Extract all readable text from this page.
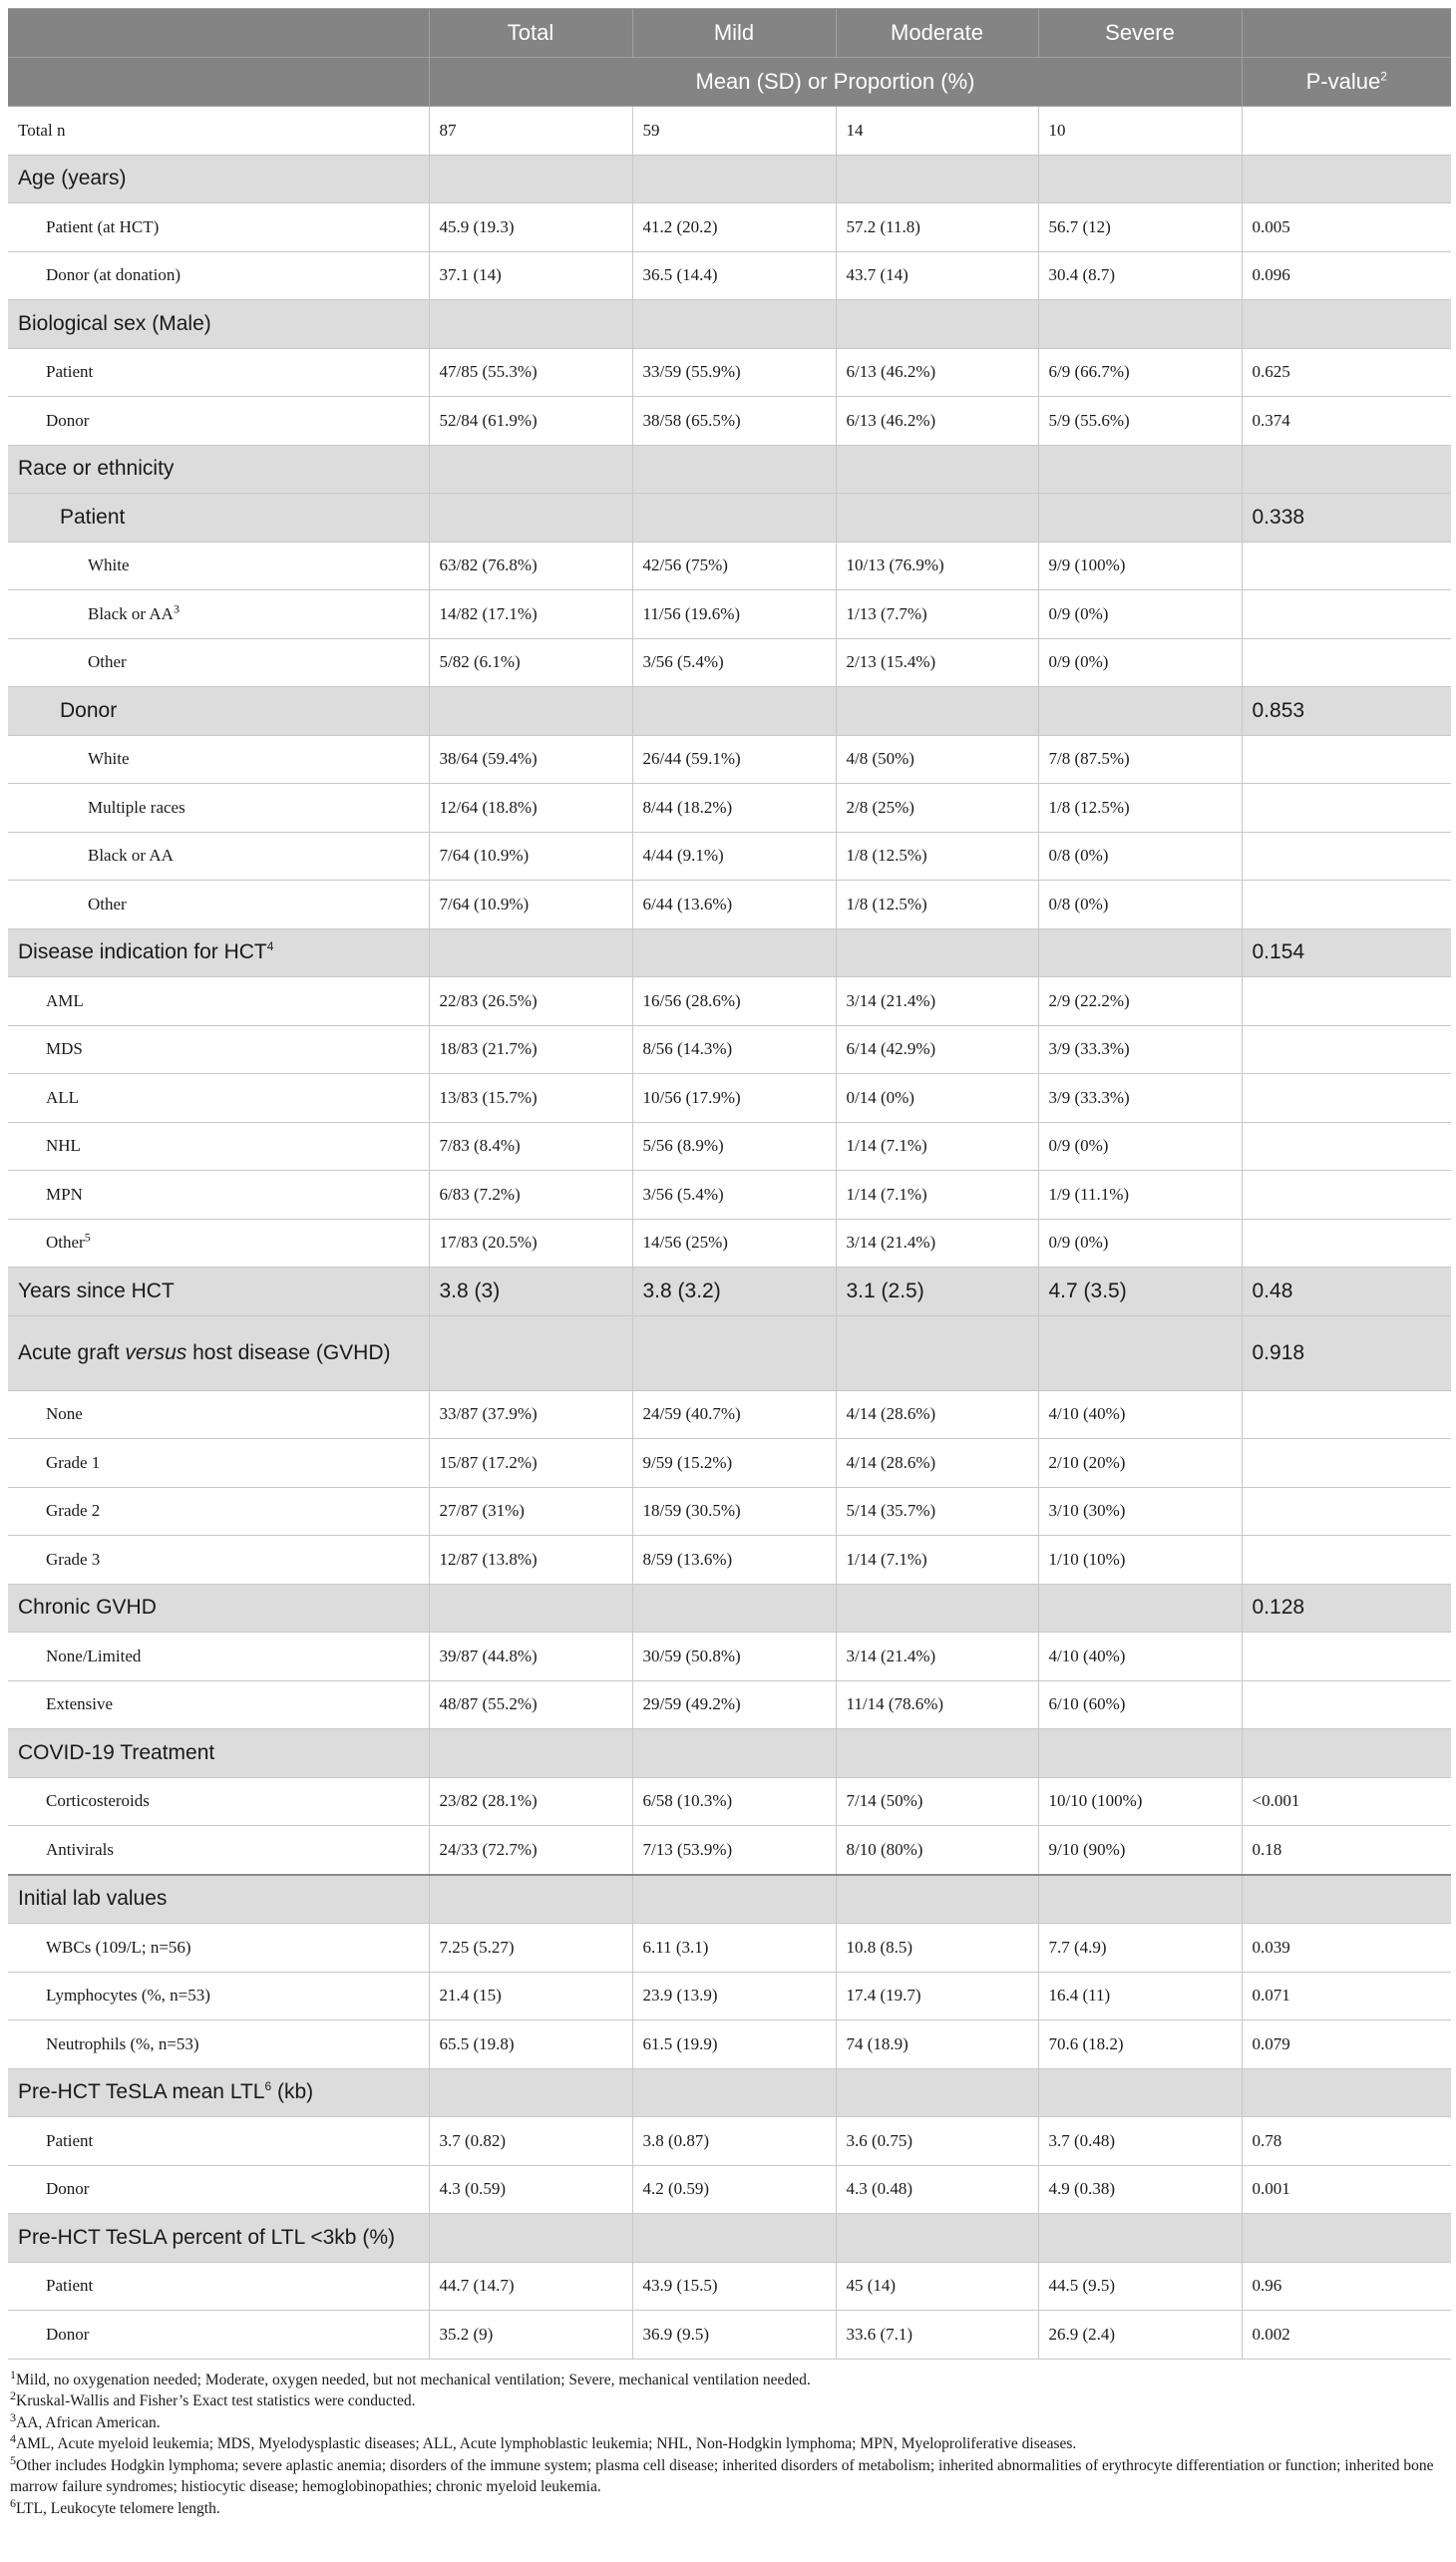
	Total	Mild	Moderate	Severe	
	Mean (SD) or Proportion (%)				P-value$^2$
Total n	87	59	14	10	
Age (years)					
Patient (at HCT)	45.9 (19.3)	41.2 (20.2)	57.2 (11.8)	56.7 (12)	0.005
Donor (at donation)	37.1 (14)	36.5 (14.4)	43.7 (14)	30.4 (8.7)	0.096
Biological sex (Male)					
Patient	47/85 (55.3%)	33/59 (55.9%)	6/13 (46.2%)	6/9 (66.7%)	0.625
Donor	52/84 (61.9%)	38/58 (65.5%)	6/13 (46.2%)	5/9 (55.6%)	0.374
Race or ethnicity					
Patient					0.338
White	63/82 (76.8%)	42/56 (75%)	10/13 (76.9%)	9/9 (100%)	
Black or $AA^3$	14/82 (17.1%)	11/56 (19.6%)	1/13 (7.7%)	0/9 (0%)	
Other	5/82 (6.1%)	3/56 (5.4%)	2/13 (15.4%)	0/9 (0%)	
Donor					0.853
White	38/64 (59.4%)	26/44 (59.1%)	4/8 (50%)	7/8 (87.5%)	
Multiple races	12/64 (18.8%)	8/44 (18.2%)	2/8 (25%)	1/8 (12.5%)	
Black or AA	7/64 (10.9%)	4/44 (9.1%)	1/8 (12.5%)	0/8 (0%)	
Other	7/64 (10.9%)	6/44 (13.6%)	1/8 (12.5%)	0/8 (0%)	
Disease indication for HCT$^4$					0.154
AML	22/83 (26.5%)	16/56 (28.6%)	3/14 (21.4%)	2/9 (22.2%)	
MDS	18/83 (21.7%)	8/56 (14.3%)	6/14 (42.9%)	3/9 (33.3%)	
ALL	13/83 (15.7%)	10/56 (17.9%)	0/14 (0%)	3/9 (33.3%)	
NHL	7/83 (8.4%)	5/56 (8.9%)	1/14 (7.1%)	0/9 (0%)	
MPN	6/83 (7.2%)	3/56 (5.4%)	1/14 (7.1%)	1/9 (11.1%)	
Other$^5$	17/83 (20.5%)	14/56 (25%)	3/14 (21.4%)	0/9 (0%)	
Years since HCT	3.8 (3)	3.8 (3.2)	3.1 (2.5)	4.7 (3.5)	0.48
Acute graft versus host disease (GVHD)					0.918
None	33/87 (37.9%)	24/59 (40.7%)	4/14 (28.6%)	4/10 (40%)	
Grade 1	15/87 (17.2%)	9/59 (15.2%)	4/14 (28.6%)	2/10 (20%)	
Grade 2	27/87 (31%)	18/59 (30.5%)	5/14 (35.7%)	3/10 (30%)	
Grade 3	12/87 (13.8%)	8/59 (13.6%)	1/14 (7.1%)	1/10 (10%)	
Chronic GVHD					0.128
None/Limited	39/87 (44.8%)	30/59 (50.8%)	3/14 (21.4%)	4/10 (40%)	
Extensive	48/87 (55.2%)	29/59 (49.2%)	11/14 (78.6%)	6/10 (60%)	
COVID-19 Treatment					
Corticosteroids	23/82 (28.1%)	6/58 (10.3%)	7/14 (50%)	10/10 (100%)	<0.001
Antivirals	24/33 (72.7%)	7/13 (53.9%)	8/10 (80%)	9/10 (90%)	0.18
Initial lab values					
WBCs (109/L; n=56)	7.25 (5.27)	6.11 (3.1)	10.8 (8.5)	7.7 (4.9)	0.039
Lymphocytes (%, n=53)	21.4 (15)	23.9 (13.9)	17.4 (19.7)	16.4 (11)	0.071
Neutrophils (%, n=53)	65.5 (19.8)	61.5 (19.9)	74 (18.9)	70.6 (18.2)	0.079
Pre-HCT TeSLA mean LTL$^6$ (kb)					
Patient	3.7 (0.82)	3.8 (0.87)	3.6 (0.75)	3.7 (0.48)	0.78
Donor	4.3 (0.59)	4.2 (0.59)	4.3 (0.48)	4.9 (0.38)	0.001
Pre-HCT TeSLA percent of LTL <3kb (%)					
Patient	44.7 (14.7)	43.9 (15.5)	45 (14)	44.5 (9.5)	0.96
Donor	35.2 (9)	36.9 (9.5)	33.6 (7.1)	26.9 (2.4)	0.002
$^1$Mild, no oxygenation needed; Moderate, oxygen needed, but not mechanical ventilation; Severe, mechanical ventilation needed.
$^2$Kruskal-Wallis and Fisher’s Exact test statistics were conducted.
$^3$AA, African American.
$^4$AML, Acute myeloid leukemia; MDS, Myelodysplastic diseases; ALL, Acute lymphoblastic leukemia; NHL, Non-Hodgkin lymphoma; MPN, Myeloproliferative diseases.
$^5$Other includes Hodgkin lymphoma; severe aplastic anemia; disorders of the immune system; plasma cell disease; inherited disorders of metabolism; inherited abnormalities of erythrocyte differentiation or function; inherited bone marrow failure syndromes; histiocytic disease; hemoglobinopathies; chronic myeloid leukemia.
$^6$LTL, Leukocyte telomere length.
